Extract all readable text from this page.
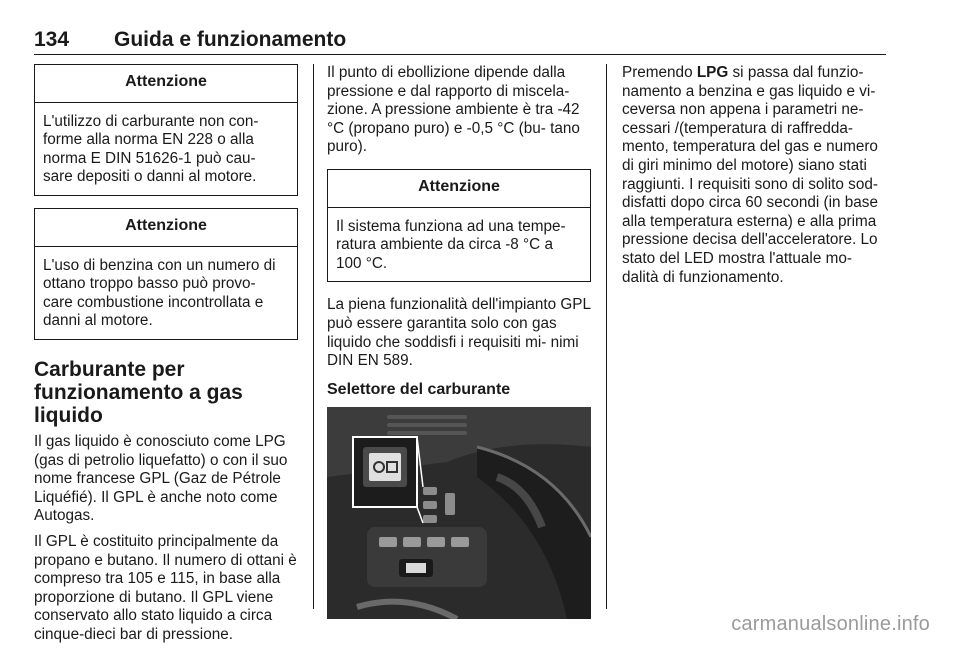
134 Guida e funzionamento
Attenzione
L'utilizzo di carburante non con- forme alla norma EN 228 o alla norma E DIN 51626-1 può cau- sare depositi o danni al motore.
Attenzione
L'uso di benzina con un numero di ottano troppo basso può provo- care combustione incontrollata e danni al motore.
Carburante per funzionamento a gas liquido

Il gas liquido è conosciuto come LPG (gas di petrolio liquefatto) o con il suo nome francese GPL (Gaz de Pétrole Liquéfié). Il GPL è anche noto come Autogas.

Il GPL è costituito principalmente da propano e butano. Il numero di ottani è compreso tra 105 e 115, in base alla proporzione di butano. Il GPL viene conservato allo stato liquido a circa cinque-dieci bar di pressione.

Il punto di ebollizione dipende dalla pressione e dal rapporto di miscela- zione. A pressione ambiente è tra -42 °C (propano puro) e -0,5 °C (bu- tano puro).

Attenzione
Il sistema funziona ad una tempe- ratura ambiente da circa -8 °C a 100 °C.

La piena funzionalità dell'impianto GPL può essere garantita solo con gas liquido che soddisfi i requisiti mi- nimi DIN EN 589.

Selettore del carburante

Premendo LPG si passa dal funzio- namento a benzina e gas liquido e vi- ceversa non appena i parametri ne- cessari /(temperatura di raffredda- mento, temperatura del gas e numero di giri minimo del motore) siano stati raggiunti. I requisiti sono di solito sod- disfatti dopo circa 60 secondi (in base alla temperatura esterna) e alla prima pressione decisa dell'acceleratore. Lo stato del LED mostra l'attuale mo- dalità di funzionamento.

carmanualsonline.info
